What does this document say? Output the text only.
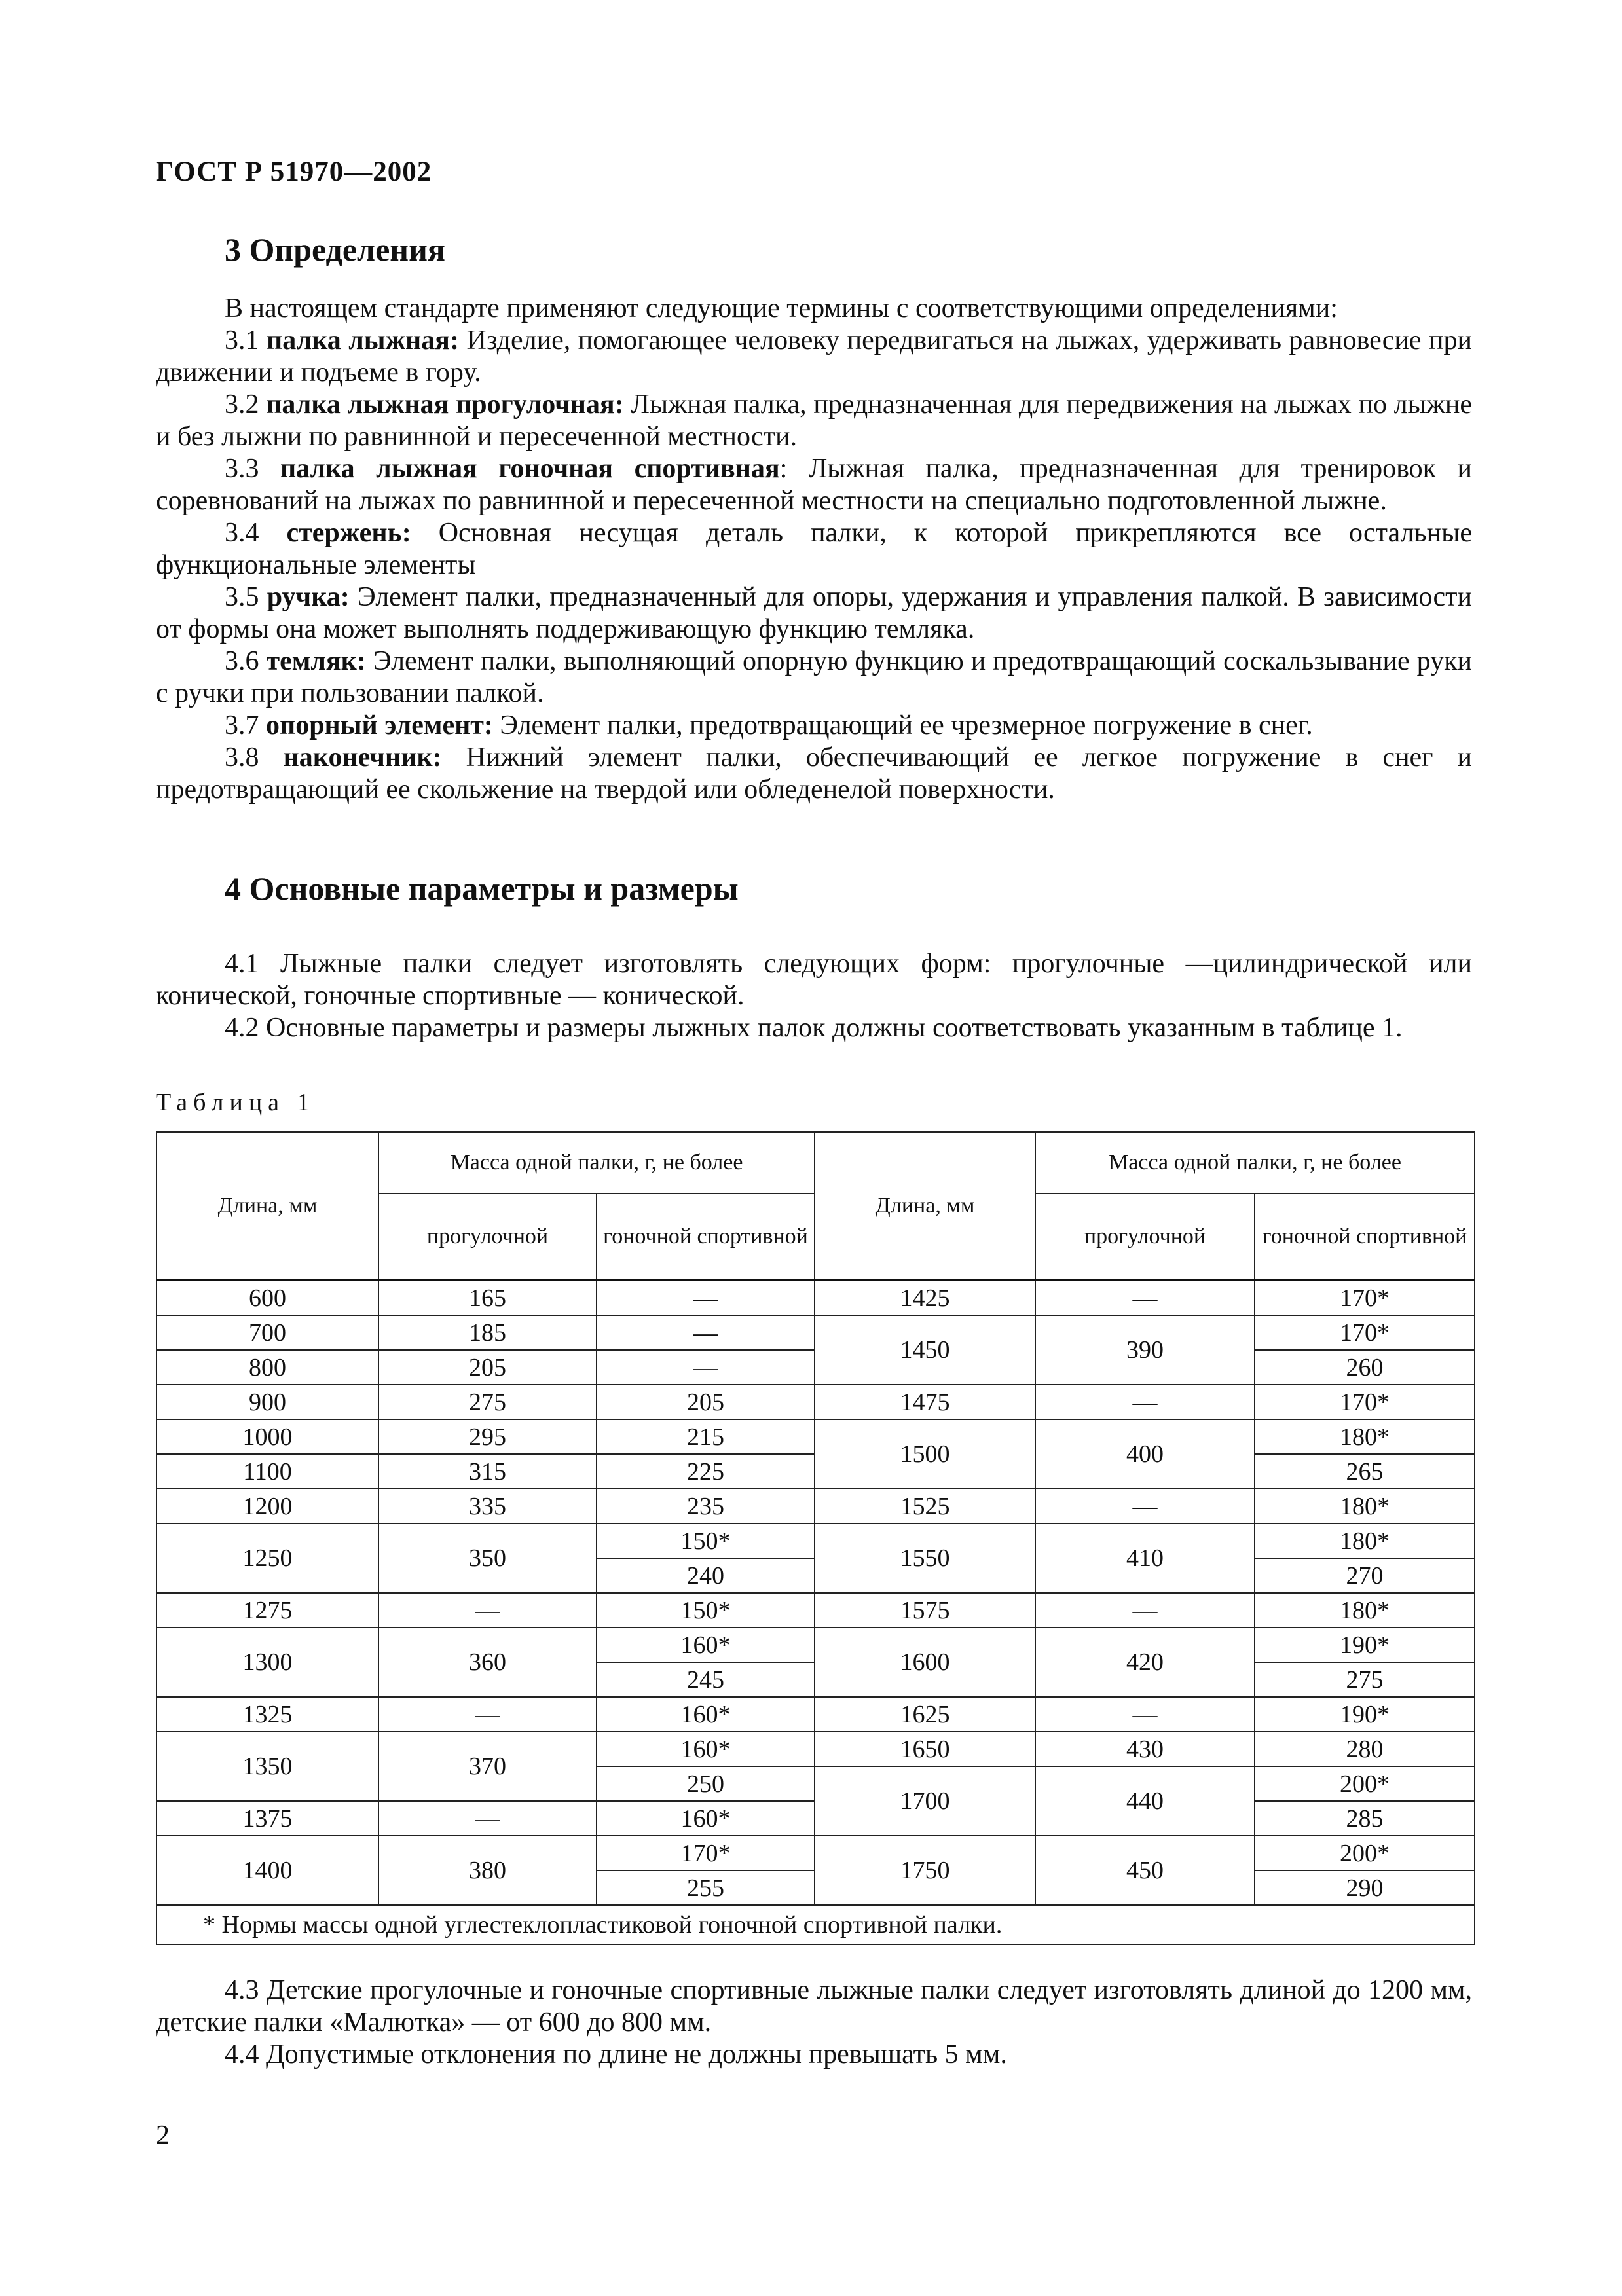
ГОСТ Р 51970—2002
3 Определения

В настоящем стандарте применяют следующие термины с соответствующими определениями:

3.1 палка лыжная: Изделие, помогающее человеку передвигаться на лыжах, удерживать равновесие при движении и подъеме в гору.

3.2 палка лыжная прогулочная: Лыжная палка, предназначенная для передвижения на лыжах по лыжне и без лыжни по равнинной и пересеченной местности.

3.3 палка лыжная гоночная спортивная: Лыжная палка, предназначенная для тренировок и соревнований на лыжах по равнинной и пересеченной местности на специально подготовленной лыжне.

3.4 стержень: Основная несущая деталь палки, к которой прикрепляются все остальные функциональные элементы

3.5 ручка: Элемент палки, предназначенный для опоры, удержания и управления палкой. В зависимости от формы она может выполнять поддерживающую функцию темляка.

3.6 темляк: Элемент палки, выполняющий опорную функцию и предотвращающий соскальзывание руки с ручки при пользовании палкой.

3.7 опорный элемент: Элемент палки, предотвращающий ее чрезмерное погружение в снег.

3.8 наконечник: Нижний элемент палки, обеспечивающий ее легкое погружение в снег и предотвращающий ее скольжение на твердой или обледенелой поверхности.

4 Основные параметры и размеры

4.1 Лыжные палки следует изготовлять следующих форм: прогулочные —цилиндрической или конической, гоночные спортивные — конической.

4.2 Основные параметры и размеры лыжных палок должны соответствовать указанным в таблице 1.

Таблица 1
Длина, мм	Масса одной палки, г, не более		Длина, мм	Масса одной палки, г, не более	
	прогулочной	гоночной спортивной		прогулочной	гоночной спортивной
600	165	—	1425	—	170*
700	185	—	1450	390	170*
800	205	—			260
900	275	205	1475	—	170*
1000	295	215	1500	400	180*
1100	315	225			265
1200	335	235	1525	—	180*
1250	350	150*	1550	410	180*
		240			270
1275	—	150*	1575	—	180*
1300	360	160*	1600	420	190*
		245			275
1325	—	160*	1625	—	190*
1350	370	160*	1650	430	280
		250	1700	440	200*
1375	—	160*			285
1400	380	170*	1750	450	200*
		255			290
* Нормы массы одной углестеклопластиковой гоночной спортивной палки.					

4.3 Детские прогулочные и гоночные спортивные лыжные палки следует изготовлять длиной до 1200 мм, детские палки «Малютка» — от 600 до 800 мм.

4.4 Допустимые отклонения по длине не должны превышать 5 мм.

2
